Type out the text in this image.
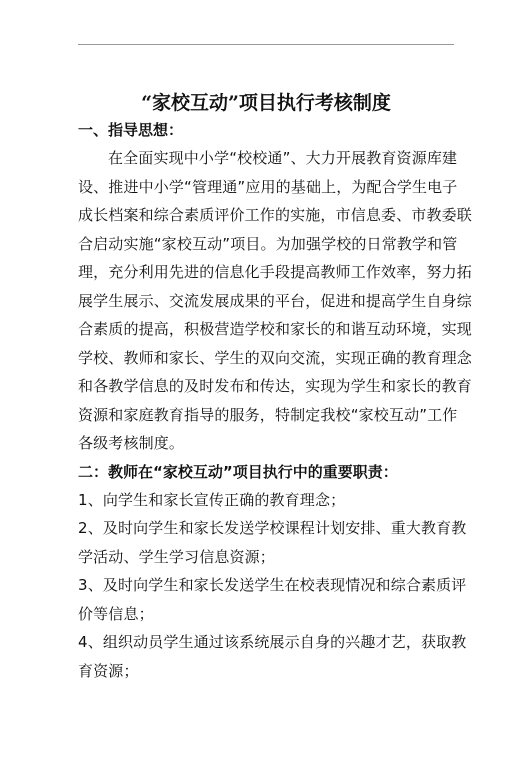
“家校互动”项目执行考核制度
一、指导思想：
在全面实现中小学“校校通”、大力开展教育资源库建
设、推进中小学“管理通”应用的基础上，为配合学生电子
成长档案和综合素质评价工作的实施，市信息委、市教委联
合启动实施“家校互动”项目。为加强学校的日常教学和管
理，充分利用先进的信息化手段提高教师工作效率，努力拓
展学生展示、交流发展成果的平台，促进和提高学生自身综
合素质的提高，积极营造学校和家长的和谐互动环境，实现
学校、教师和家长、学生的双向交流，实现正确的教育理念
和各教学信息的及时发布和传达，实现为学生和家长的教育
资源和家庭教育指导的服务，特制定我校“家校互动”工作
各级考核制度。
二：教师在“家校互动”项目执行中的重要职责：
1、向学生和家长宣传正确的教育理念；
2、及时向学生和家长发送学校课程计划安排、重大教育教
学活动、学生学习信息资源；
3、及时向学生和家长发送学生在校表现情况和综合素质评
价等信息；
4、组织动员学生通过该系统展示自身的兴趣才艺，获取教
育资源；
